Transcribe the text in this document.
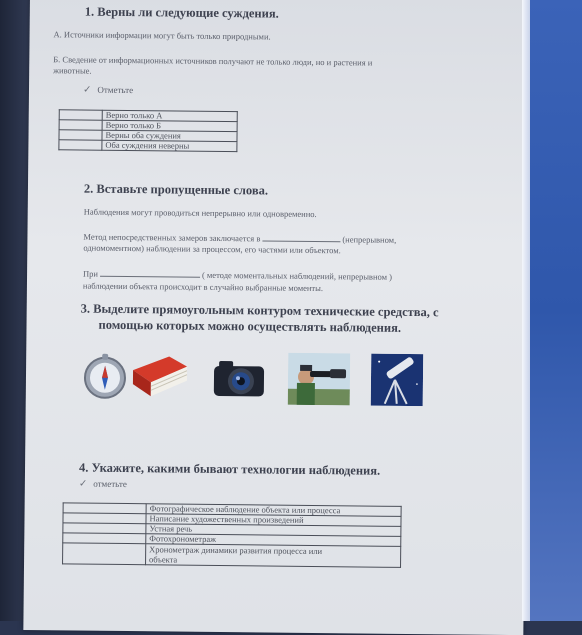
1. Верны ли следующие суждения.
А. Источники информации могут быть только природными.
Б. Сведение от информационных источников получают не только люди, но и растения и
животные.
✓ Отметьте
	Верно только А
	Верно только Б
	Верны оба суждения
	Оба суждения неверны
2. Вставьте пропущенные слова.
Наблюдения могут проводиться непрерывно или одновременно.
Метод непосредственных замеров заключается в	(непрерывном,
одномоментном) наблюдении за процессом, его частями или объектом.
При	( методе моментальных наблюдений, непрерывном )
наблюдении объекта происходит в случайно выбранные моменты.
3. Выделите прямоугольным контуром технические средства, с
помощью которых можно осуществлять наблюдения.
4. Укажите, какими бывают технологии наблюдения.
✓ отметьте
	Фотографическое наблюдение объекта или процесса
	Написание художественных произведений
	Устная речь
	Фотохронометраж
	Хронометраж динамики развития процесса или
объекта
